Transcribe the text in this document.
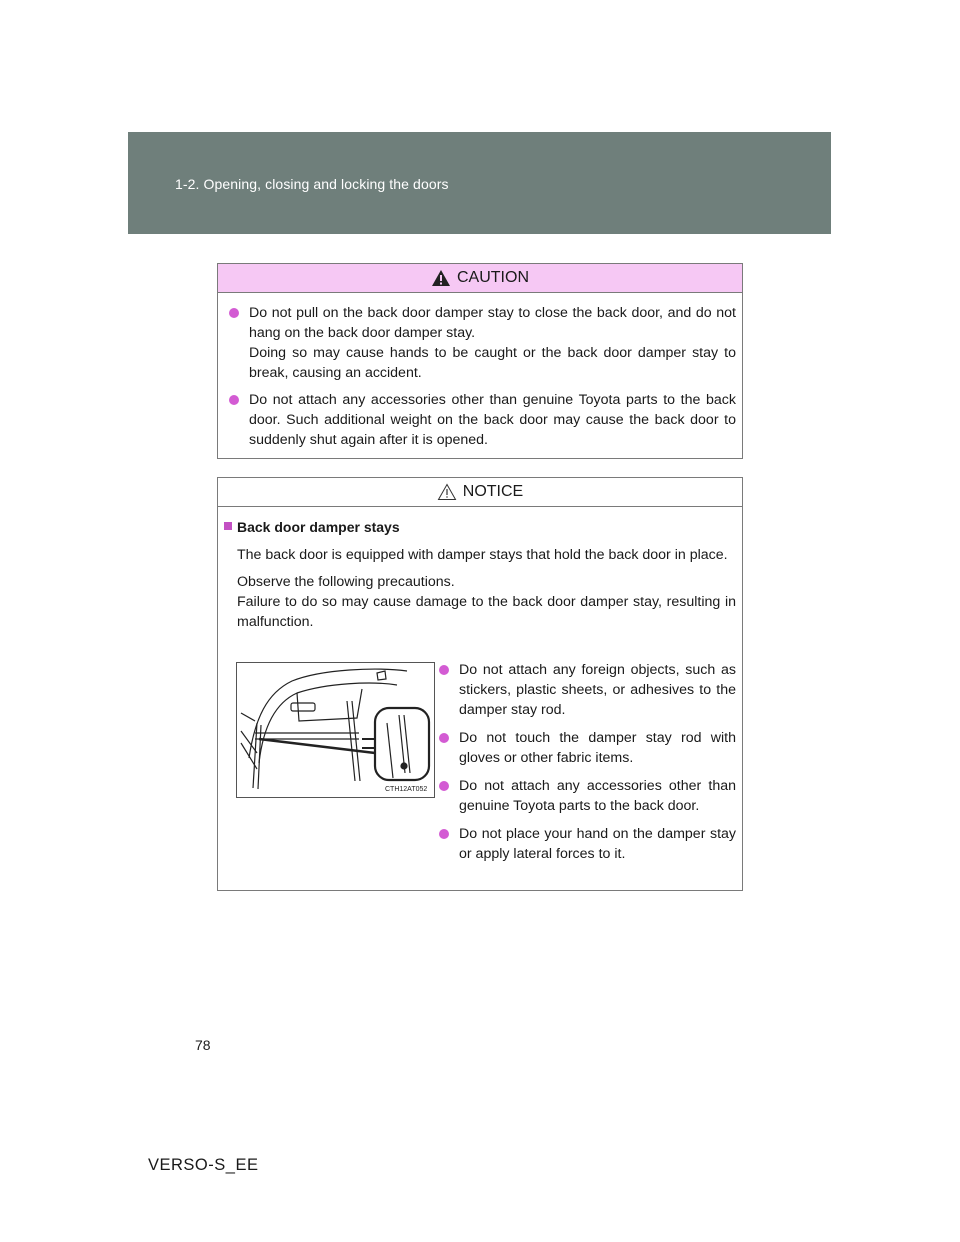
1-2. Opening, closing and locking the doors
CAUTION
Do not pull on the back door damper stay to close the back door, and do not hang on the back door damper stay.
Doing so may cause hands to be caught or the back door damper stay to break, causing an accident.
Do not attach any accessories other than genuine Toyota parts to the back door. Such additional weight on the back door may cause the back door to suddenly shut again after it is opened.
NOTICE
Back door damper stays
The back door is equipped with damper stays that hold the back door in place.
Observe the following precautions.
Failure to do so may cause damage to the back door damper stay, resulting in malfunction.
CTH12AT052
Do not attach any foreign objects, such as stickers, plastic sheets, or adhesives to the damper stay rod.
Do not touch the damper stay rod with gloves or other fabric items.
Do not attach any accessories other than genuine Toyota parts to the back door.
Do not place your hand on the damper stay or apply lateral forces to it.
78
VERSO-S_EE
